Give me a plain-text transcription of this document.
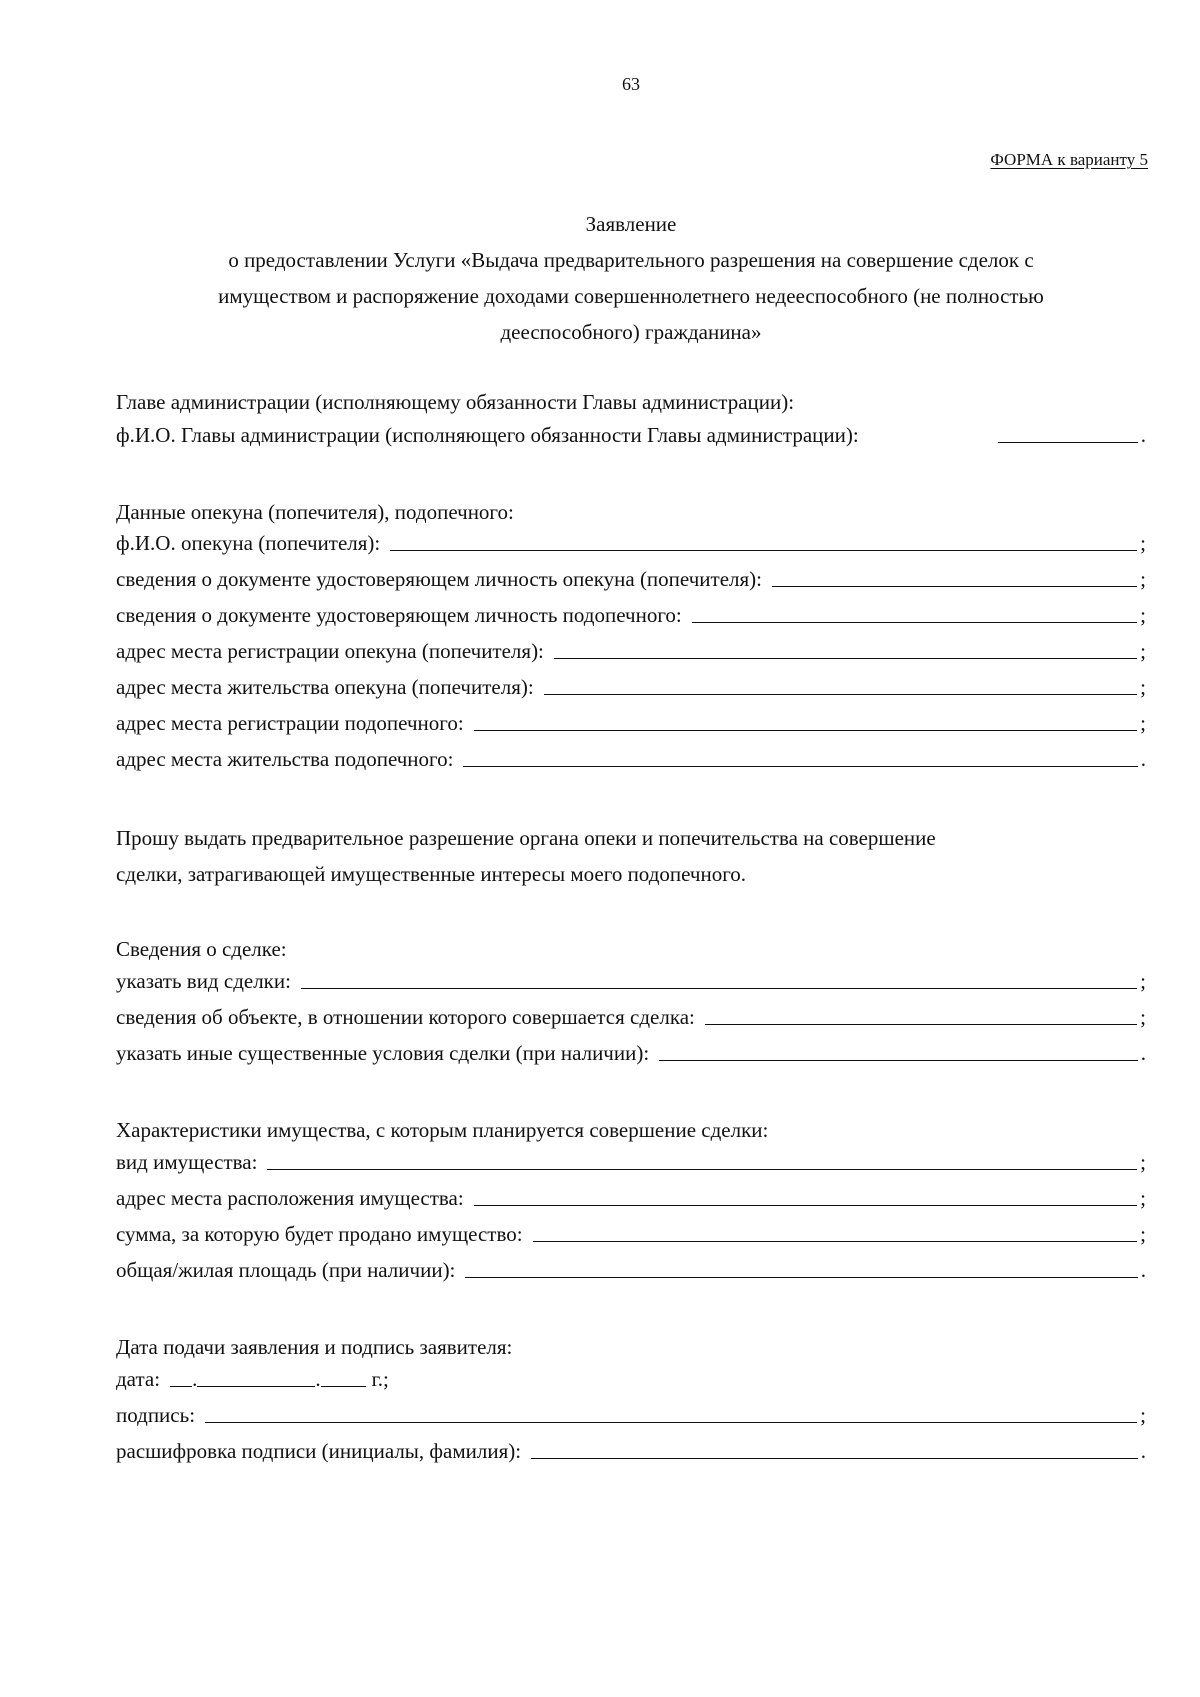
63
ФОРМА к варианту 5
Заявление
о предоставлении Услуги «Выдача предварительного разрешения на совершение сделок с
имуществом и распоряжение доходами совершеннолетнего недееспособного (не полностью
дееспособного) гражданина»
Главе администрации (исполняющему обязанности Главы администрации):
ф.И.О. Главы администрации (исполняющего обязанности Главы администрации):	.
Данные опекуна (попечителя), подопечного:
ф.И.О. опекуна (попечителя):	;
сведения о документе удостоверяющем личность опекуна (попечителя):	;
сведения о документе удостоверяющем личность подопечного:	;
адрес места регистрации опекуна (попечителя):	;
адрес места жительства опекуна (попечителя):	;
адрес места регистрации подопечного:	;
адрес места жительства подопечного:	.
Прошу выдать предварительное разрешение органа опеки и попечительства на совершение
сделки, затрагивающей имущественные интересы моего подопечного.
Сведения о сделке:
указать вид сделки:	;
сведения об объекте, в отношении которого совершается сделка:	;
указать иные существенные условия сделки (при наличии):	.
Характеристики имущества, с которым планируется совершение сделки:
вид имущества:	;
адрес места расположения имущества:	;
сумма, за которую будет продано имущество:	;
общая/жилая площадь (при наличии):	.
Дата подачи заявления и подпись заявителя:
дата: .	. г.;
подпись:	;
расшифровка подписи (инициалы, фамилия):	.
